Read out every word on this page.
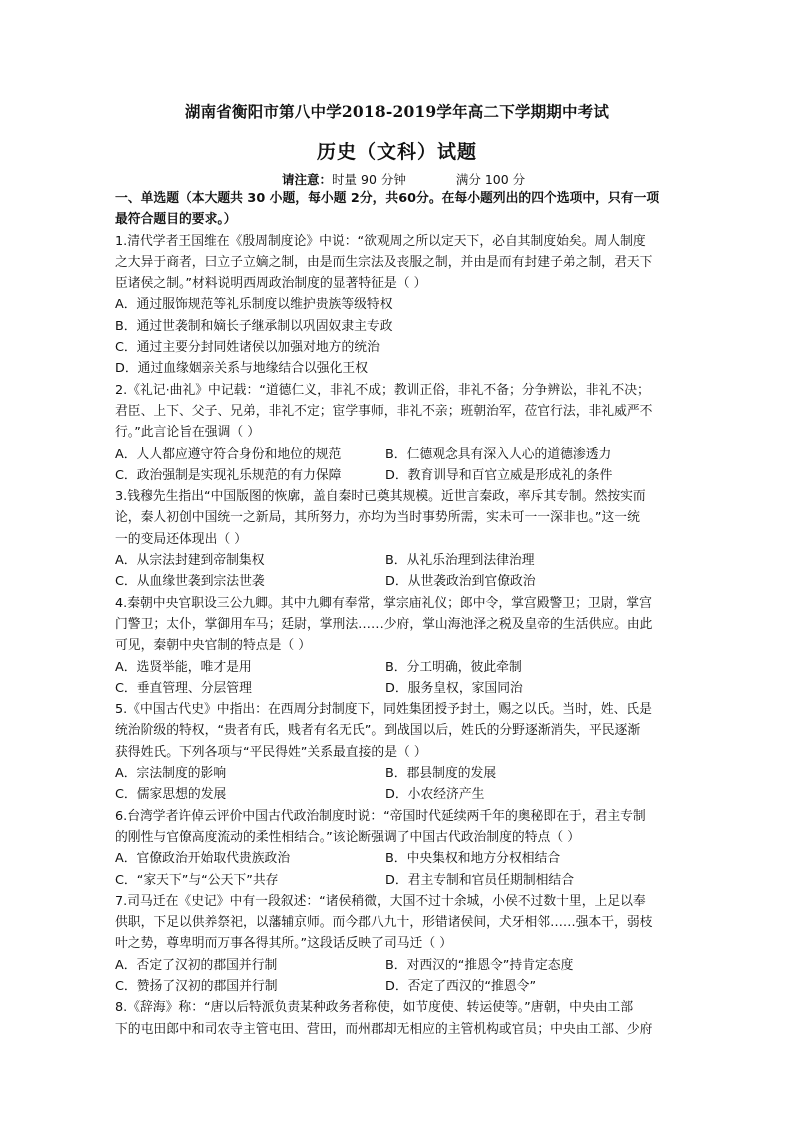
湖南省衡阳市第八中学2018-2019学年高二下学期期中考试
历史（文科）试题
请注意：时量 90 分钟	满分 100 分
一、单选题（本大题共 30 小题，每小题 2分，共60分。在每小题列出的四个选项中，只有一项
最符合题目的要求。）
1.清代学者王国维在《殷周制度论》中说：“欲观周之所以定天下，必自其制度始矣。周人制度
之大异于商者，曰立子立嫡之制，由是而生宗法及丧服之制，并由是而有封建子弟之制，君天下
臣诸侯之制。”材料说明西周政治制度的显著特征是（ ）
A．通过服饰规范等礼乐制度以维护贵族等级特权
B．通过世袭制和嫡长子继承制以巩固奴隶主专政
C．通过主要分封同姓诸侯以加强对地方的统治
D．通过血缘姻亲关系与地缘结合以强化王权
2.《礼记·曲礼》中记载：“道德仁义，非礼不成；教训正俗，非礼不备；分争辨讼，非礼不决；
君臣、上下、父子、兄弟，非礼不定；宦学事师，非礼不亲；班朝治军，莅官行法，非礼威严不
行。”此言论旨在强调（ ）
A．人人都应遵守符合身份和地位的规范	B．仁德观念具有深入人心的道德渗透力
C．政治强制是实现礼乐规范的有力保障	D．教育训导和百官立威是形成礼的条件
3.钱穆先生指出“中国版图的恢廓，盖自秦时已奠其规模。近世言秦政，率斥其专制。然按实而
论，秦人初创中国统一之新局，其所努力，亦均为当时事势所需，实未可一一深非也。”这一统
一的变局还体现出（ ）
A．从宗法封建到帝制集权	B．从礼乐治理到法律治理
C．从血缘世袭到宗法世袭	D．从世袭政治到官僚政治
4.秦朝中央官职设三公九卿。其中九卿有奉常，掌宗庙礼仪；郎中令，掌宫殿警卫；卫尉，掌宫
门警卫；太仆，掌御用车马；廷尉，掌刑法……少府，掌山海池泽之税及皇帝的生活供应。由此
可见，秦朝中央官制的特点是（ ）
A．选贤举能，唯才是用	B．分工明确，彼此牵制
C．垂直管理、分层管理	D．服务皇权，家国同治
5.《中国古代史》中指出：在西周分封制度下，同姓集团授予封土，赐之以氏。当时，姓、氏是
统治阶级的特权，“贵者有氏，贱者有名无氏”。到战国以后，姓氏的分野逐渐消失，平民逐渐
获得姓氏。下列各项与“平民得姓”关系最直接的是（ ）
A．宗法制度的影响	B．郡县制度的发展
C．儒家思想的发展	D．小农经济产生
6.台湾学者许倬云评价中国古代政治制度时说：“帝国时代延续两千年的奥秘即在于，君主专制
的刚性与官僚高度流动的柔性相结合。”该论断强调了中国古代政治制度的特点（ ）
A．官僚政治开始取代贵族政治	B．中央集权和地方分权相结合
C．“家天下”与“公天下”共存	D．君主专制和官员任期制相结合
7.司马迁在《史记》中有一段叙述：“诸侯稍微，大国不过十余城，小侯不过数十里，上足以奉
供职，下足以供养祭祀，以藩辅京师。而今郡八九十，形错诸侯间，犬牙相邻……强本干，弱枝
叶之势，尊卑明而万事各得其所。”这段话反映了司马迁（ ）
A．否定了汉初的郡国并行制	B．对西汉的“推恩令”持肯定态度
C．赞扬了汉初的郡国并行制	D．否定了西汉的“推恩令”
8.《辞海》称：“唐以后特派负责某种政务者称使，如节度使、转运使等。”唐朝，中央由工部
下的屯田郎中和司农寺主管屯田、营田，而州郡却无相应的主管机构或官员；中央由工部、少府
